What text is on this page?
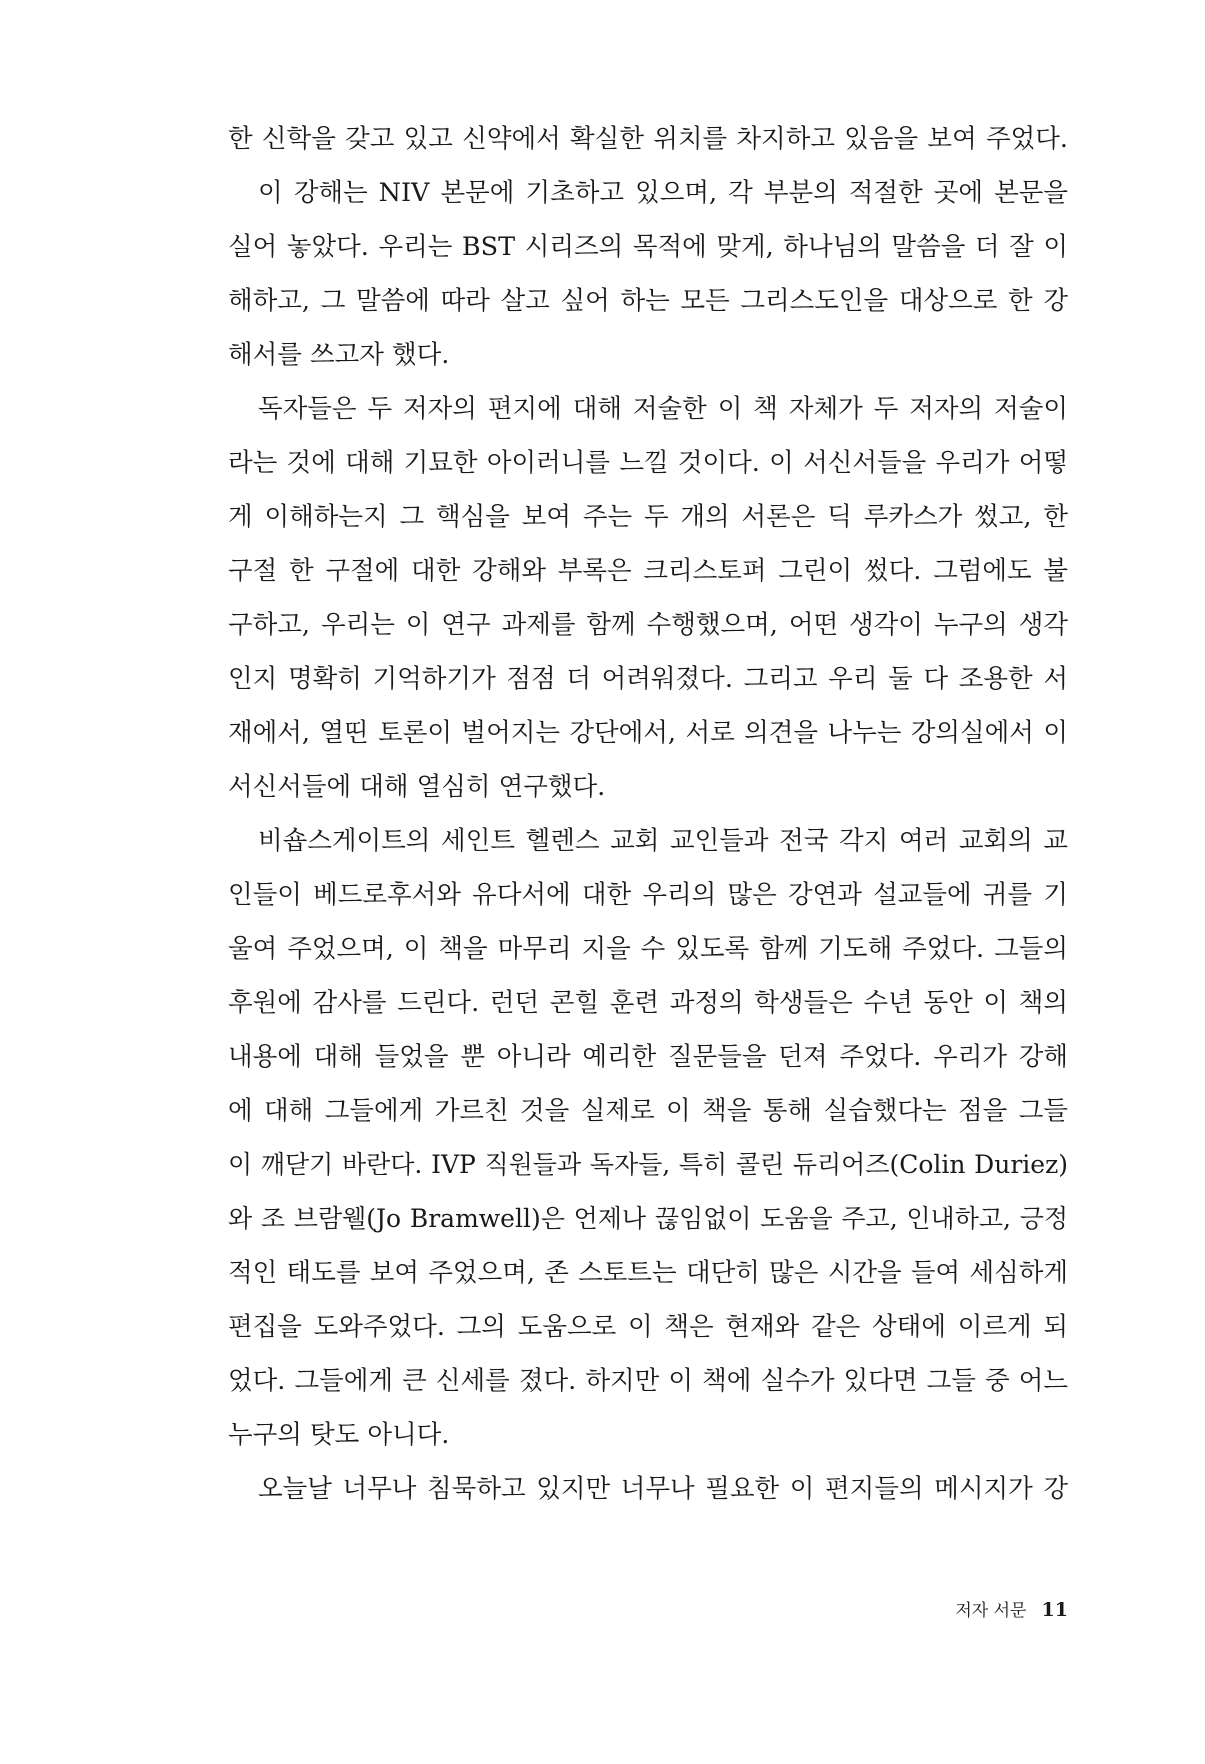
한 신학을 갖고 있고 신약에서 확실한 위치를 차지하고 있음을 보여 주었다.
이 강해는 NIV 본문에 기초하고 있으며, 각 부분의 적절한 곳에 본문을
실어 놓았다. 우리는 BST 시리즈의 목적에 맞게, 하나님의 말씀을 더 잘 이
해하고, 그 말씀에 따라 살고 싶어 하는 모든 그리스도인을 대상으로 한 강
해서를 쓰고자 했다.
독자들은 두 저자의 편지에 대해 저술한 이 책 자체가 두 저자의 저술이
라는 것에 대해 기묘한 아이러니를 느낄 것이다. 이 서신서들을 우리가 어떻
게 이해하는지 그 핵심을 보여 주는 두 개의 서론은 딕 루카스가 썼고, 한
구절 한 구절에 대한 강해와 부록은 크리스토퍼 그린이 썼다. 그럼에도 불
구하고, 우리는 이 연구 과제를 함께 수행했으며, 어떤 생각이 누구의 생각
인지 명확히 기억하기가 점점 더 어려워졌다. 그리고 우리 둘 다 조용한 서
재에서, 열띤 토론이 벌어지는 강단에서, 서로 의견을 나누는 강의실에서 이
서신서들에 대해 열심히 연구했다.
비숍스게이트의 세인트 헬렌스 교회 교인들과 전국 각지 여러 교회의 교
인들이 베드로후서와 유다서에 대한 우리의 많은 강연과 설교들에 귀를 기
울여 주었으며, 이 책을 마무리 지을 수 있도록 함께 기도해 주었다. 그들의
후원에 감사를 드린다. 런던 콘힐 훈련 과정의 학생들은 수년 동안 이 책의
내용에 대해 들었을 뿐 아니라 예리한 질문들을 던져 주었다. 우리가 강해
에 대해 그들에게 가르친 것을 실제로 이 책을 통해 실습했다는 점을 그들
이 깨닫기 바란다. IVP 직원들과 독자들, 특히 콜린 듀리어즈(Colin Duriez)
와 조 브람웰(Jo Bramwell)은 언제나 끊임없이 도움을 주고, 인내하고, 긍정
적인 태도를 보여 주었으며, 존 스토트는 대단히 많은 시간을 들여 세심하게
편집을 도와주었다. 그의 도움으로 이 책은 현재와 같은 상태에 이르게 되
었다. 그들에게 큰 신세를 졌다. 하지만 이 책에 실수가 있다면 그들 중 어느
누구의 탓도 아니다.
오늘날 너무나 침묵하고 있지만 너무나 필요한 이 편지들의 메시지가 강
저자 서문 11
